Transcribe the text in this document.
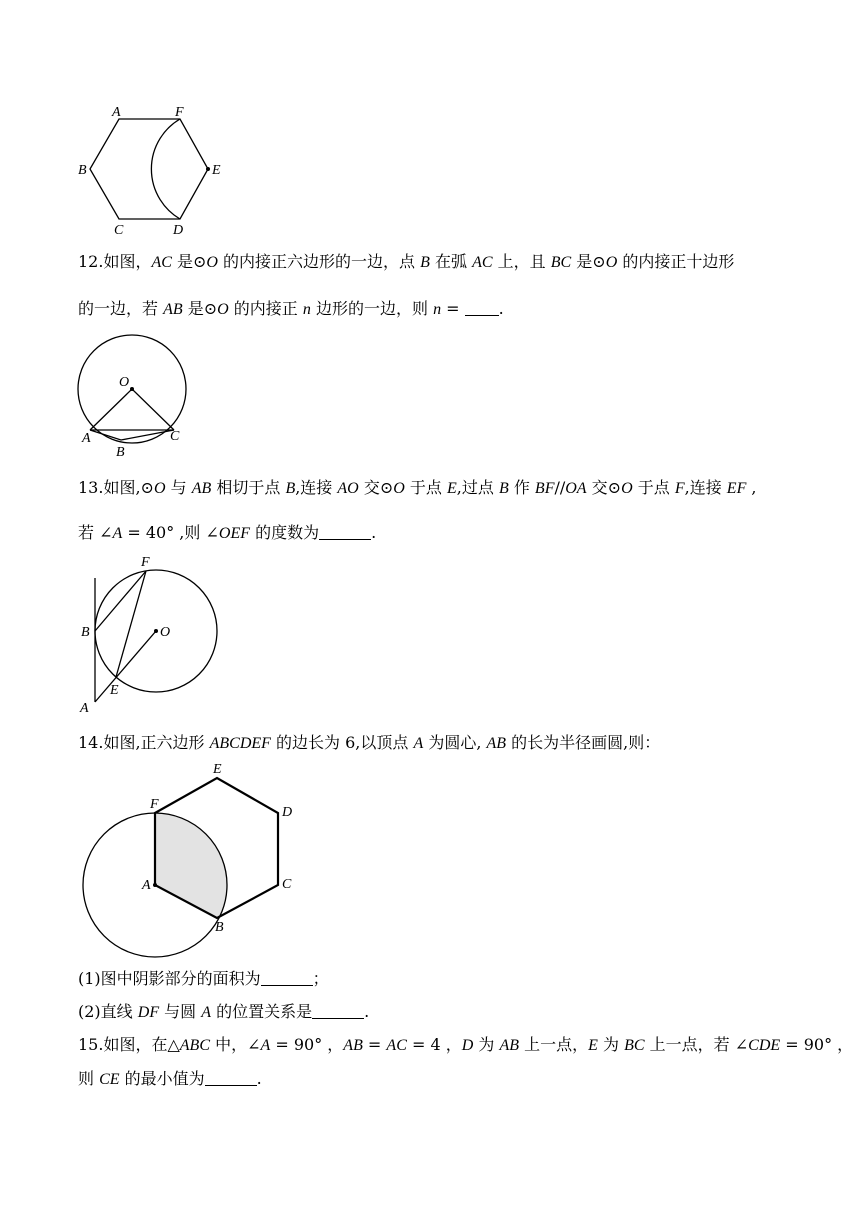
A	F
B	E
C	D
12.如图，AC 是⊙O 的内接正六边形的一边，点 B 在弧 AC 上，且 BC 是⊙O 的内接正十边形
的一边，若 AB 是⊙O 的内接正 n 边形的一边，则 n = .
O
A
B
C
13.如图,⊙O 与 AB 相切于点 B,连接 AO 交⊙O 于点 E,过点 B 作 BF//OA 交⊙O 于点 F,连接 EF ,
若 ∠A = 40° ,则 ∠OEF 的度数为	.
F
B	O
E
A
14.如图,正六边形 ABCDEF 的边长为 6,以顶点 A 为圆心, AB 的长为半径画圆,则：
E
F
D
A	C
B
(1)图中阴影部分的面积为	；
(2)直线 DF 与圆 A 的位置关系是	.
15.如图，在△ABC 中，∠A = 90° ，AB = AC = 4 ，D 为 AB 上一点，E 为 BC 上一点，若 ∠CDE = 90° ，
则 CE 的最小值为	.
